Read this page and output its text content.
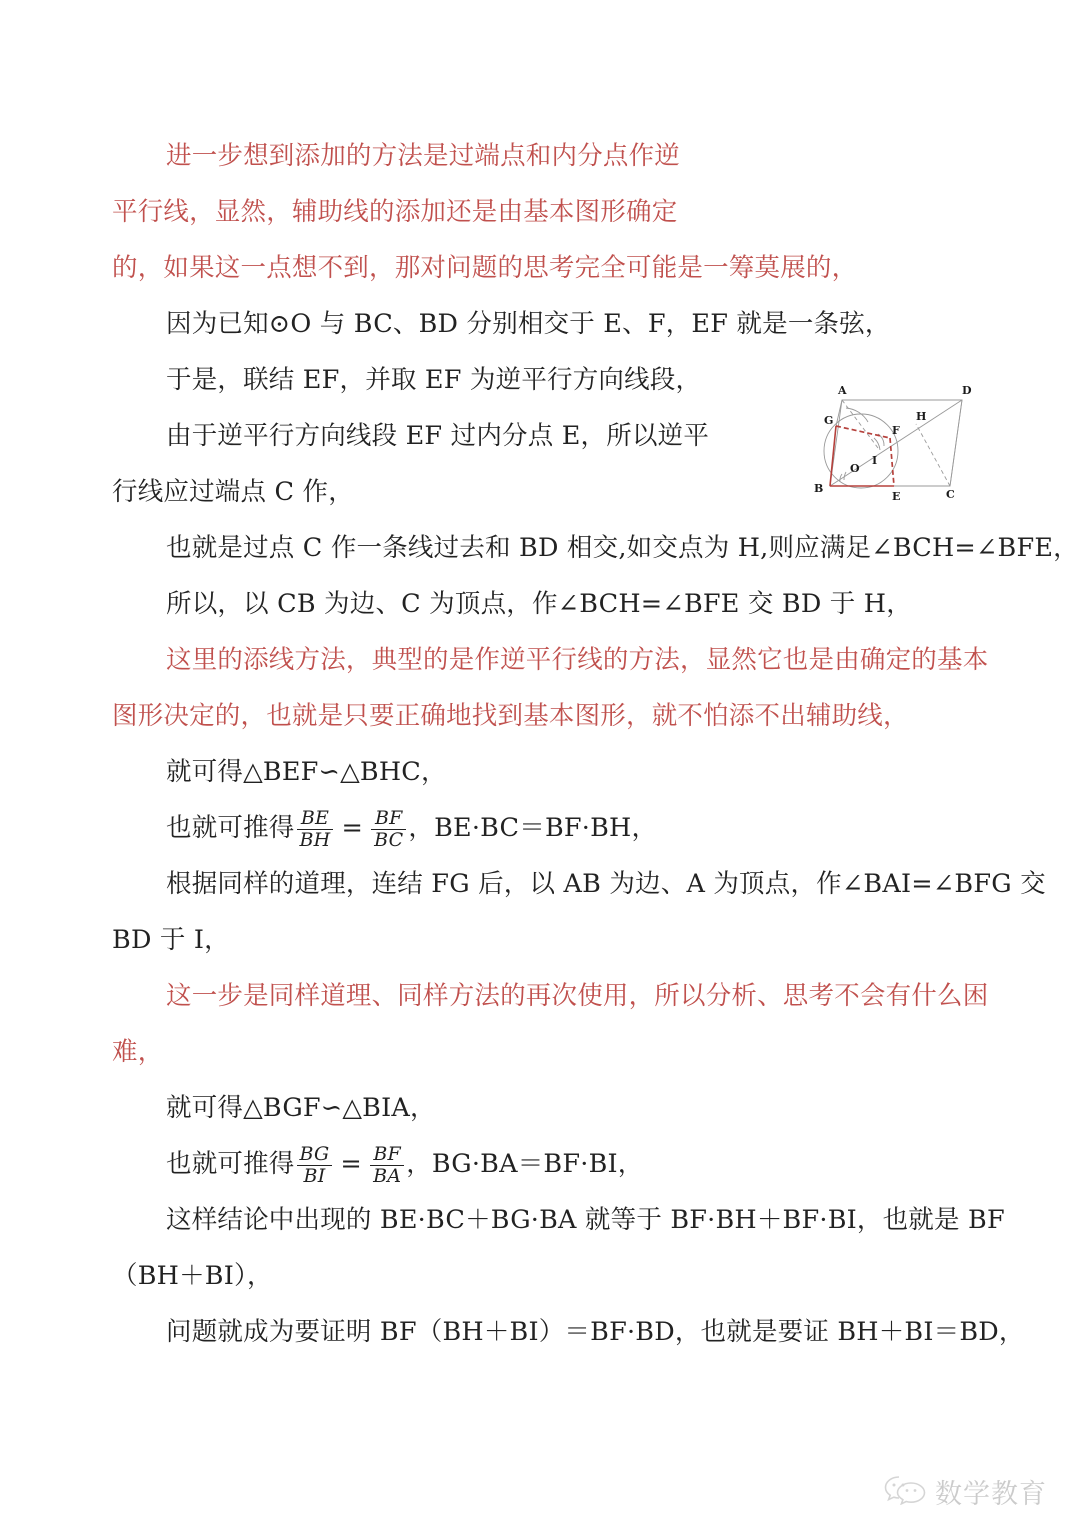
进一步想到添加的方法是过端点和内分点作逆
平行线，显然，辅助线的添加还是由基本图形确定
的，如果这一点想不到，那对问题的思考完全可能是一筹莫展的，
因为已知⊙O 与 BC、BD 分别相交于 E、F，EF 就是一条弦，
于是，联结 EF，并取 EF 为逆平行方向线段，
由于逆平行方向线段 EF 过内分点 E，所以逆平
行线应过端点 C 作，
也就是过点 C 作一条线过去和 BD 相交,如交点为 H,则应满足∠BCH=∠BFE，
所以，以 CB 为边、C 为顶点，作∠BCH=∠BFE 交 BD 于 H，
这里的添线方法，典型的是作逆平行线的方法，显然它也是由确定的基本
图形决定的，也就是只要正确地找到基本图形，就不怕添不出辅助线，
就可得△BEF∽△BHC，
也就可推得 $\frac{BE}{BH} = \frac{BF}{BC}$ ，BE·BC＝BF·BH，
根据同样的道理，连结 FG 后，以 AB 为边、A 为顶点，作∠BAI=∠BFG 交
BD 于 I，
这一步是同样道理、同样方法的再次使用，所以分析、思考不会有什么困
难，
就可得△BGF∽△BIA，
也就可推得 $\frac{BG}{BI} = \frac{BF}{BA}$ ，BG·BA＝BF·BI，
这样结论中出现的 BE·BC＋BG·BA 就等于 BF·BH＋BF·BI，也就是 BF
（BH＋BI），
问题就成为要证明 BF（BH＋BI）＝BF·BD，也就是要证 BH＋BI＝BD，
A	D
B	C
E
F
G	H
I
O
数学教育
